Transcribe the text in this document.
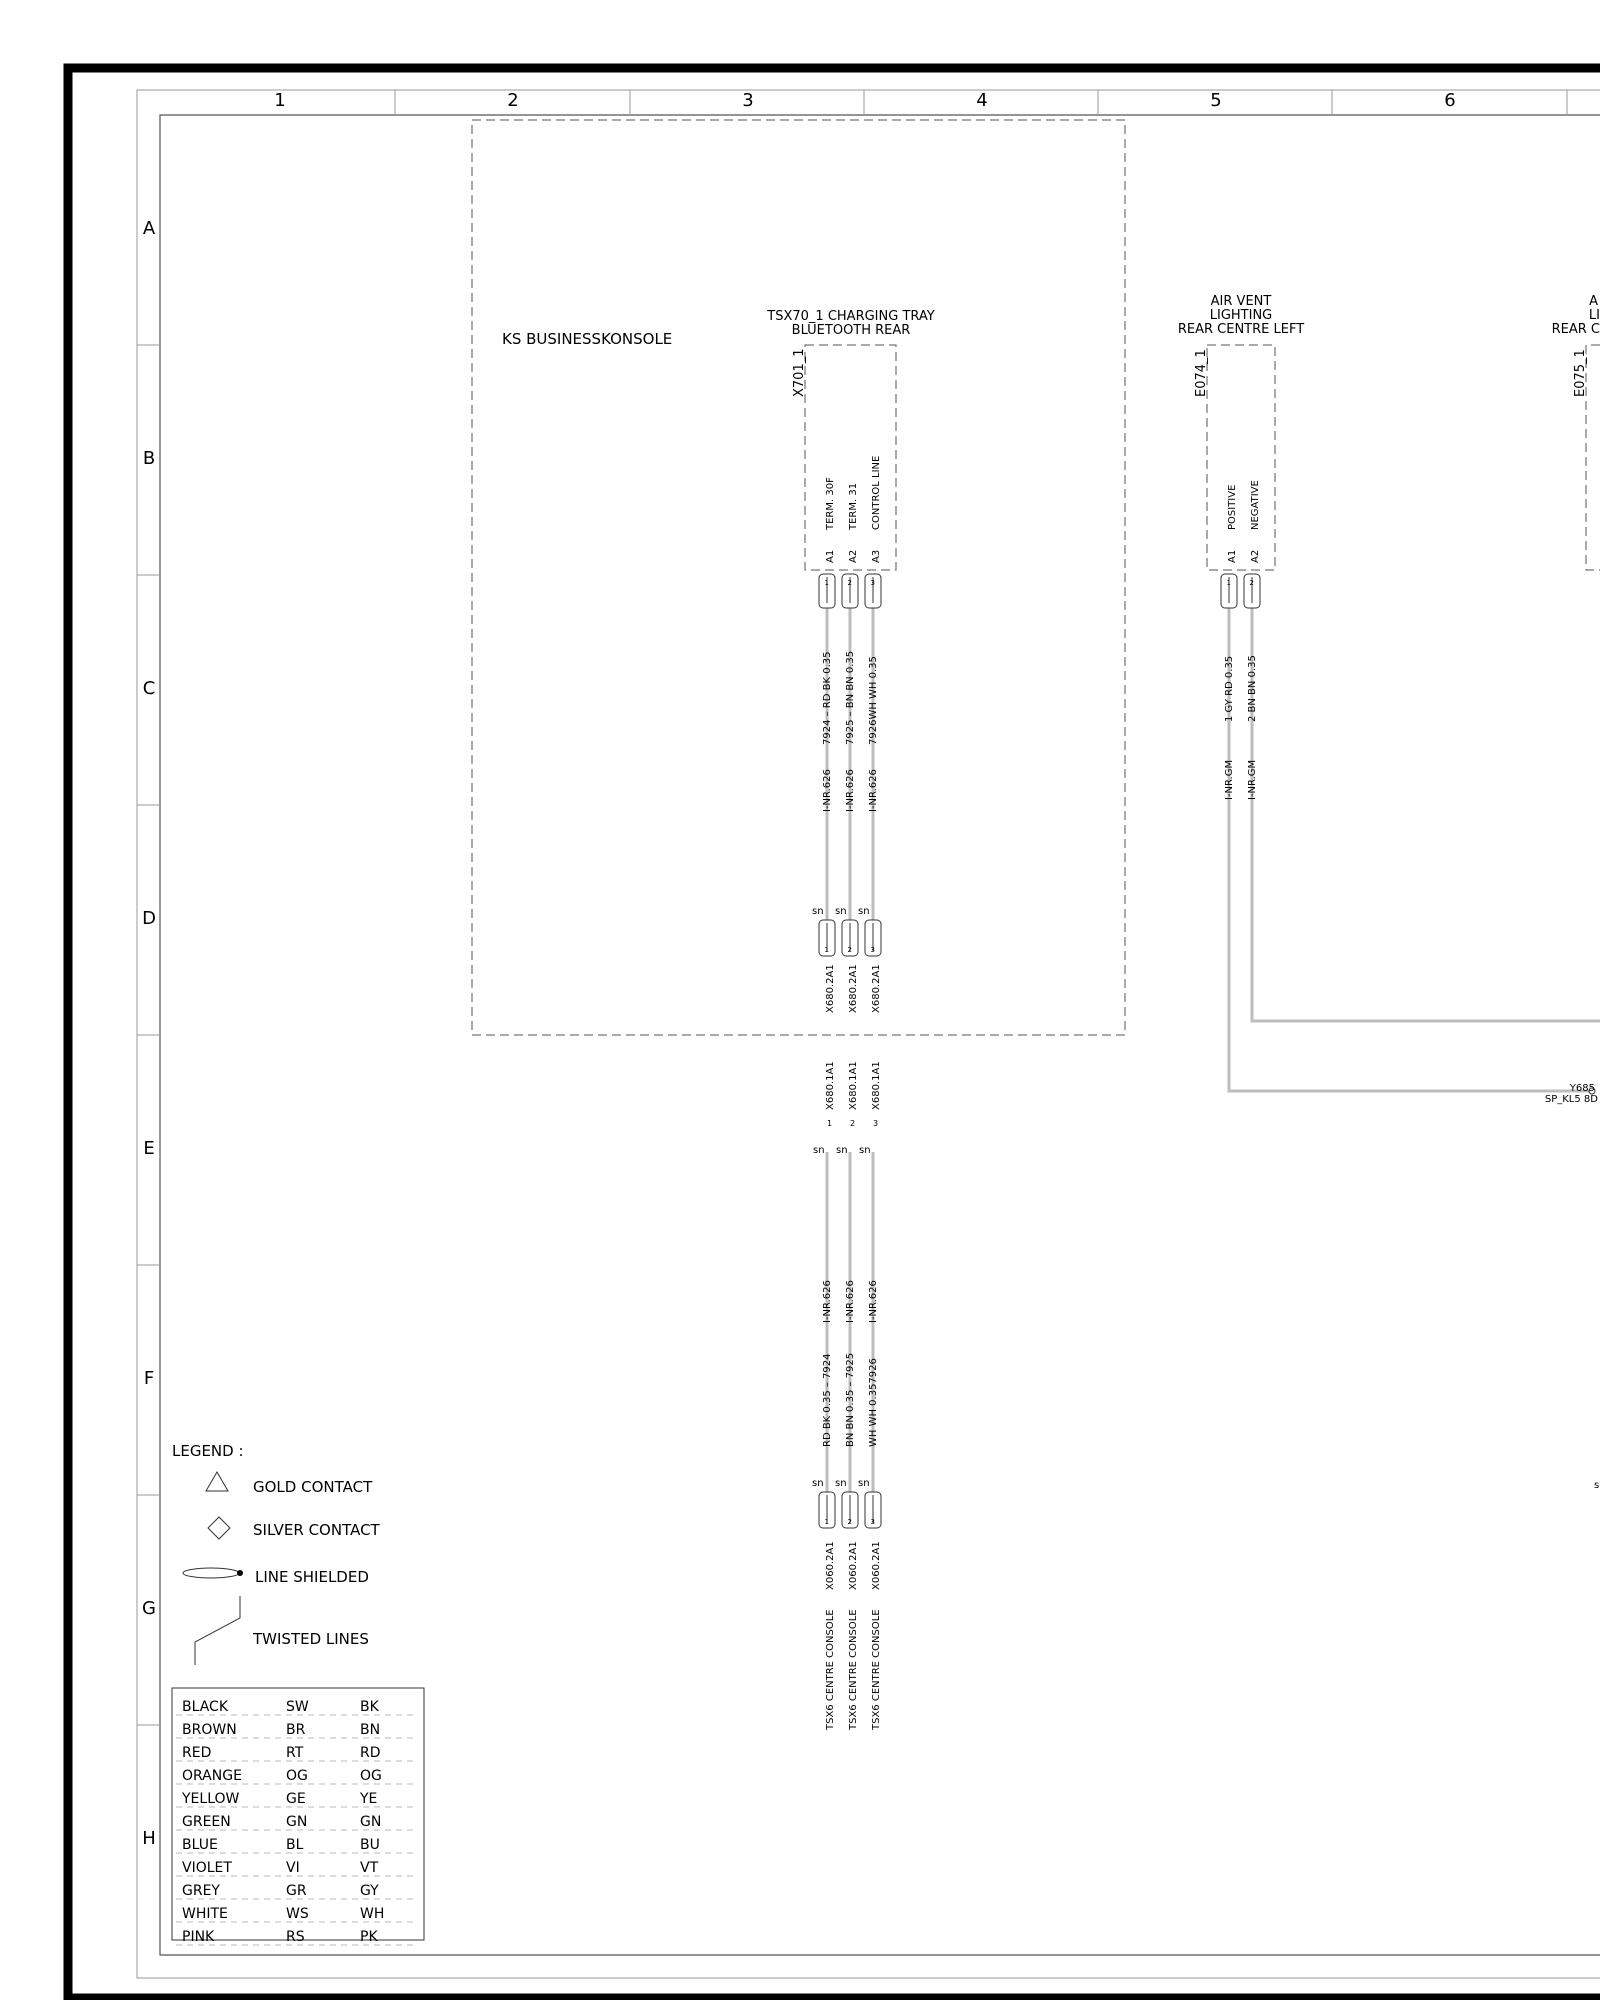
1	2	3	4	5	6
A
B
C
D
E
F
G
H
KS BUSINESSKONSOLE
TSX70_1 CHARGING TRAY
BLUETOOTH REAR
X701_1
TERM. 30F TERM. 31 CONTROL LINE
A1 A2 A3
AIR VENT
LIGHTING
REAR CENTRE LEFT
E074_1
POSITIVE NEGATIVE
A1 A2
A
LI
REAR C
E075_1
1	2	3	1	2
1	2	3
1	2	3
sn sn sn
sn sn sn
7924 – RD BK 0.35 7925 – BN BN 0.35 7926WH WH 0.35
I-NR.626 I-NR.626 I-NR.626
1 GY RD 0.35 2 BN BN 0.35
I-NR.GM I-NR.GM
X680.2A1 X680.2A1 X680.2A1
X680.1A1 X680.1A1 X680.1A1
1 2 3
sn sn sn
I-NR.626 I-NR.626 I-NR.626
RD BK 0.35 – 7924 BN BN 0.35 – 7925 WH WH 0.357926
X060.2A1 X060.2A1 X060.2A1
TSX6 CENTRE CONSOLE TSX6 CENTRE CONSOLE TSX6 CENTRE CONSOLE
Y685
SP_KL5 8D
s
LEGEND :
GOLD CONTACT
SILVER CONTACT
LINE SHIELDED
TWISTED LINES
BLACK	SW	BK
BROWN	BR	BN
RED	RT	RD
ORANGE	OG	OG
YELLOW	GE	YE
GREEN	GN	GN
BLUE	BL	BU
VIOLET	VI	VT
GREY	GR	GY
WHITE	WS	WH
PINK	RS	PK
